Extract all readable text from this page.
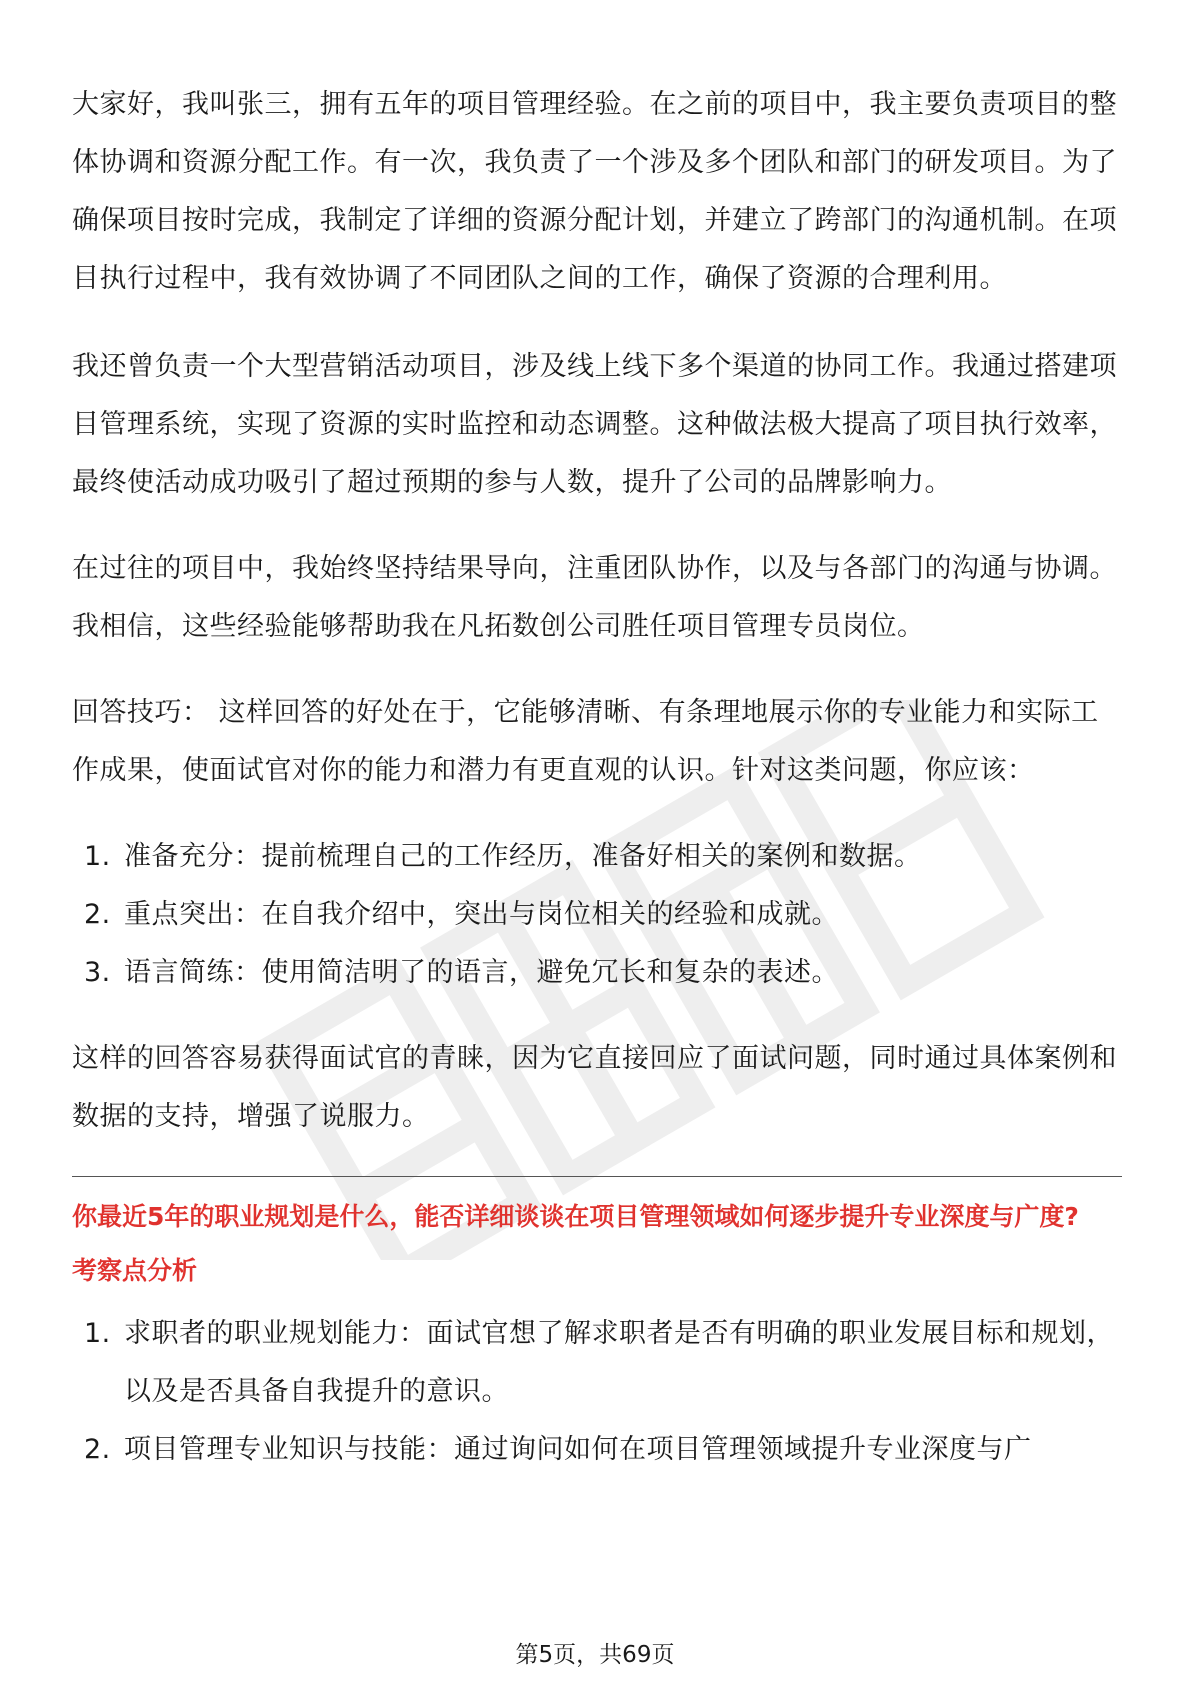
大家好，我叫张三，拥有五年的项目管理经验。在之前的项目中，我主要负责项目的整体协调和资源分配工作。有一次，我负责了一个涉及多个团队和部门的研发项目。为了确保项目按时完成，我制定了详细的资源分配计划，并建立了跨部门的沟通机制。在项目执行过程中，我有效协调了不同团队之间的工作，确保了资源的合理利用。

我还曾负责一个大型营销活动项目，涉及线上线下多个渠道的协同工作。我通过搭建项目管理系统，实现了资源的实时监控和动态调整。这种做法极大提高了项目执行效率，最终使活动成功吸引了超过预期的参与人数，提升了公司的品牌影响力。

在过往的项目中，我始终坚持结果导向，注重团队协作，以及与各部门的沟通与协调。我相信，这些经验能够帮助我在凡拓数创公司胜任项目管理专员岗位。

回答技巧： 这样回答的好处在于，它能够清晰、有条理地展示你的专业能力和实际工作成果，使面试官对你的能力和潜力有更直观的认识。针对这类问题，你应该：

1. 准备充分：提前梳理自己的工作经历，准备好相关的案例和数据。
2. 重点突出：在自我介绍中，突出与岗位相关的经验和成就。
3. 语言简练：使用简洁明了的语言，避免冗长和复杂的表述。

这样的回答容易获得面试官的青睐，因为它直接回应了面试问题，同时通过具体案例和数据的支持，增强了说服力。

你最近5年的职业规划是什么，能否详细谈谈在项目管理领域如何逐步提升专业深度与广度?

考察点分析

1. 求职者的职业规划能力：面试官想了解求职者是否有明确的职业发展目标和规划，以及是否具备自我提升的意识。
2. 项目管理专业知识与技能：通过询问如何在项目管理领域提升专业深度与广
第5页，共69页
